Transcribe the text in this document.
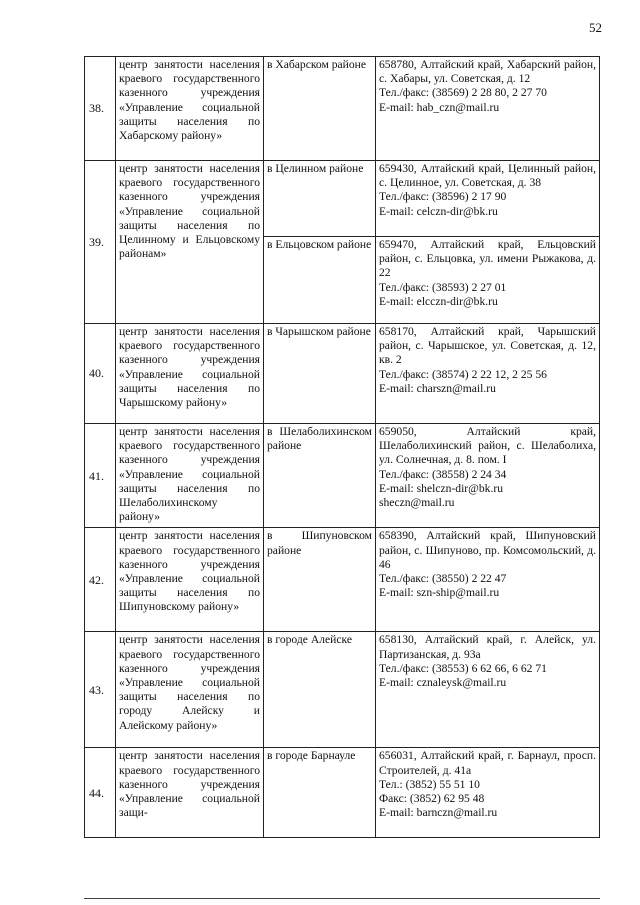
52
38.	центр занятости населения краевого государственного казенного учреждения «Управление социальной защиты населения по Хабарскому району»	в Хабарском районе	658780, Алтайский край, Хабарский район, с. Хабары, ул. Советская, д. 12
Тел./факс: (38569) 2 28 80, 2 27 70
E-mail: hab_czn@mail.ru
39.	центр занятости населения краевого государственного казенного учреждения «Управление социальной защиты населения по Целинному и Ельцовскому районам»	в Целинном районе	659430, Алтайский край, Целинный район, с. Целинное, ул. Советская, д. 38
Тел./факс: (38596) 2 17 90
E-mail: celczn-dir@bk.ru
		в Ельцовском районе	659470, Алтайский край, Ельцовский район, с. Ельцовка, ул. имени Рыжакова, д. 22
Тел./факс: (38593) 2 27 01
E-mail: elcczn-dir@bk.ru
40.	центр занятости населения краевого государственного казенного учреждения «Управление социальной защиты населения по Чарышскому району»	в Чарышском районе	658170, Алтайский край, Чарышский район, с. Чарышское, ул. Советская, д. 12, кв. 2
Тел./факс: (38574) 2 22 12, 2 25 56
E-mail: charszn@mail.ru
41.	центр занятости населения краевого государственного казенного учреждения «Управление социальной защиты населения по Шелаболихинскому району»	в Шелаболихинском районе	659050, Алтайский край, Шелаболихинский район, с. Шелаболиха, ул. Солнечная, д. 8. пом. I
Тел./факс: (38558) 2 24 34
E-mail: shelczn-dir@bk.ru
sheczn@mail.ru
42.	центр занятости населения краевого государственного казенного учреждения «Управление социальной защиты населения по Шипуновскому району»	в Шипуновском районе	658390, Алтайский край, Шипуновский район, с. Шипуново, пр. Комсомольский, д. 46
Тел./факс: (38550) 2 22 47
E-mail: szn-ship@mail.ru
43.	центр занятости населения краевого государственного казенного учреждения «Управление социальной защиты населения по городу Алейску и Алейскому району»	в городе Алейске	658130, Алтайский край, г. Алейск, ул. Партизанская, д. 93а
Тел./факс: (38553) 6 62 66, 6 62 71
E-mail: cznaleysk@mail.ru
44.	центр занятости населения краевого государственного казенного учреждения «Управление социальной защи-	в городе Барнауле	656031, Алтайский край, г. Барнаул, просп. Строителей, д. 41а
Тел.: (3852) 55 51 10
Факс: (3852) 62 95 48
E-mail: barnczn@mail.ru
